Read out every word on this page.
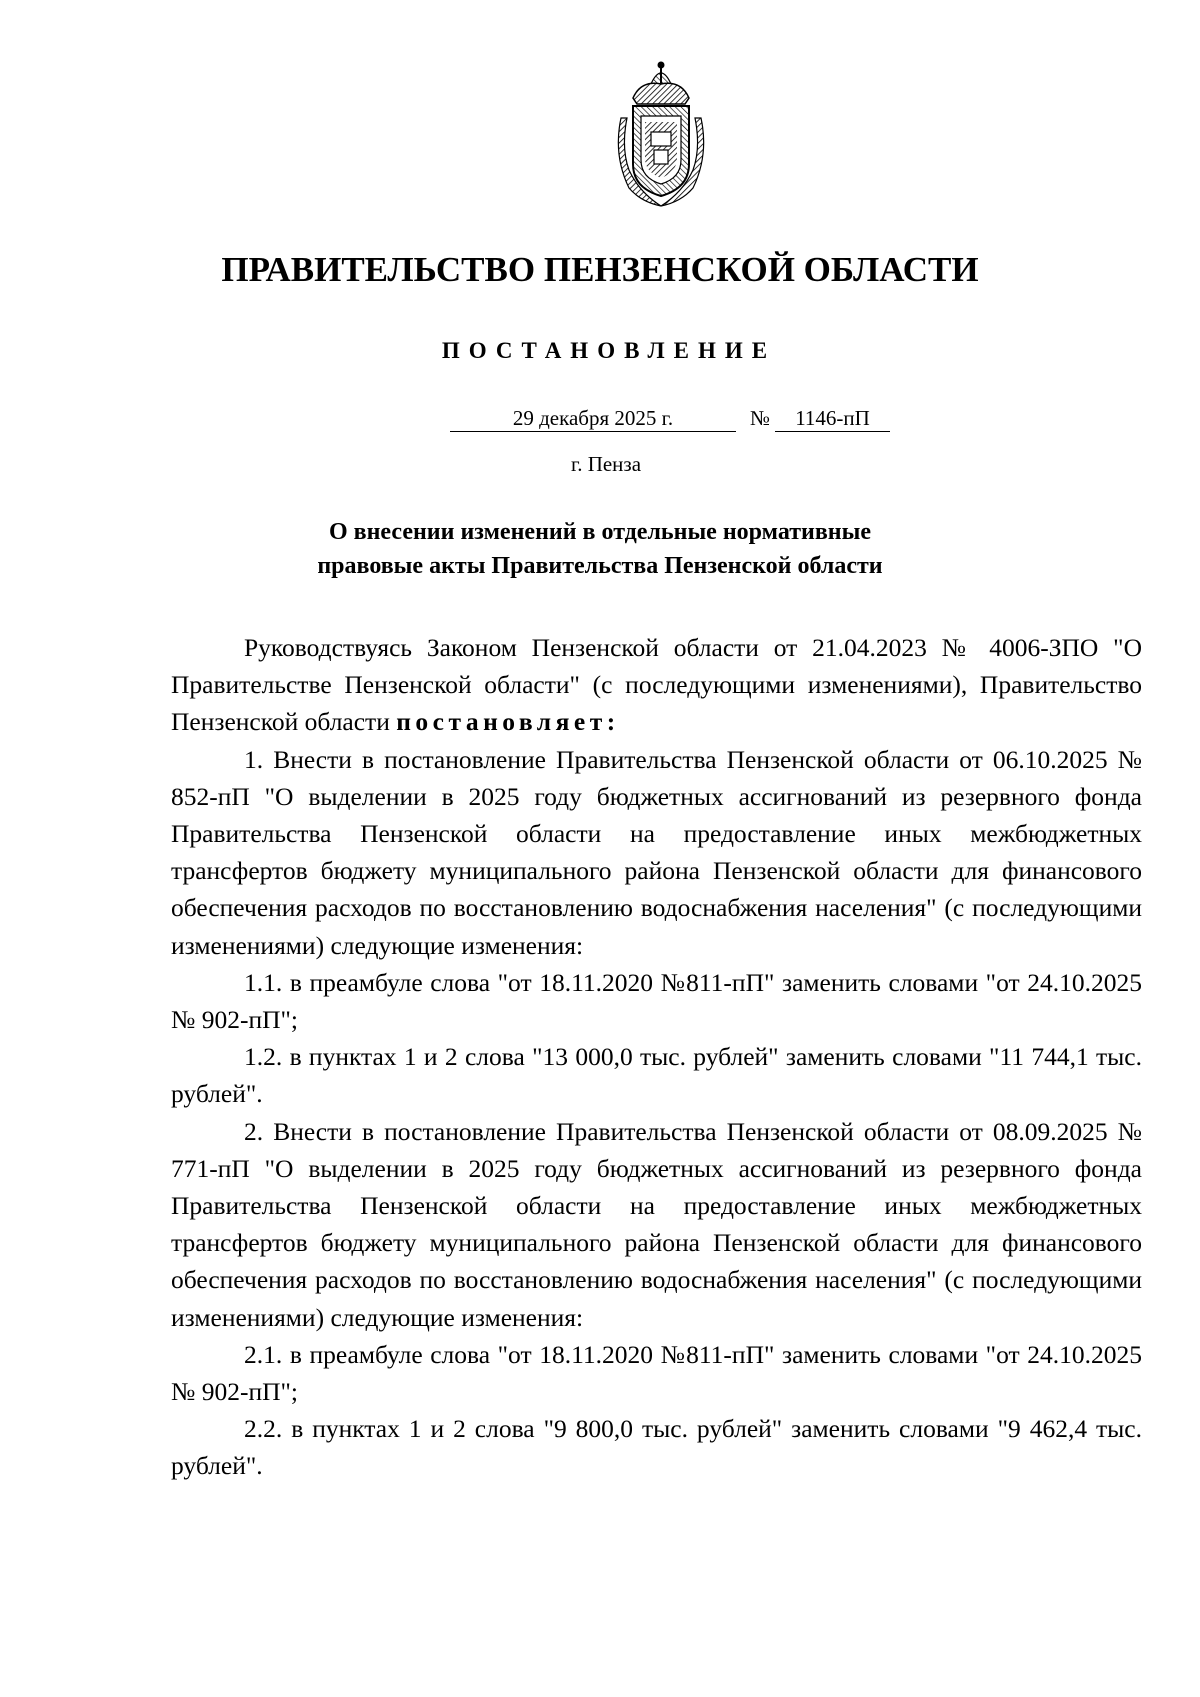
ПРАВИТЕЛЬСТВО ПЕНЗЕНСКОЙ ОБЛАСТИ
ПОСТАНОВЛЕНИЕ
29 декабря 2025 г.	№	1146-пП
г. Пенза
О внесении изменений в отдельные нормативные
правовые акты Правительства Пензенской области

Руководствуясь Законом Пензенской области от 21.04.2023 № 4006-ЗПО "О Правительстве Пензенской области" (с последующими изменениями), Правительство Пензенской области постановляет:

1. Внести в постановление Правительства Пензенской области от 06.10.2025 № 852-пП "О выделении в 2025 году бюджетных ассигнований из резервного фонда Правительства Пензенской области на предоставление иных межбюджетных трансфертов бюджету муниципального района Пензенской области для финансового обеспечения расходов по восстановлению водоснабжения населения" (с последующими изменениями) следующие изменения:

1.1. в преамбуле слова "от 18.11.2020 №811-пП" заменить словами "от 24.10.2025 № 902-пП";

1.2. в пунктах 1 и 2 слова "13 000,0 тыс. рублей" заменить словами "11 744,1 тыс. рублей".

2. Внести в постановление Правительства Пензенской области от 08.09.2025 № 771-пП "О выделении в 2025 году бюджетных ассигнований из резервного фонда Правительства Пензенской области на предоставление иных межбюджетных трансфертов бюджету муниципального района Пензенской области для финансового обеспечения расходов по восстановлению водоснабжения населения" (с последующими изменениями) следующие изменения:

2.1. в преамбуле слова "от 18.11.2020 №811-пП" заменить словами "от 24.10.2025 № 902-пП";

2.2. в пунктах 1 и 2 слова "9 800,0 тыс. рублей" заменить словами "9 462,4 тыс. рублей".
